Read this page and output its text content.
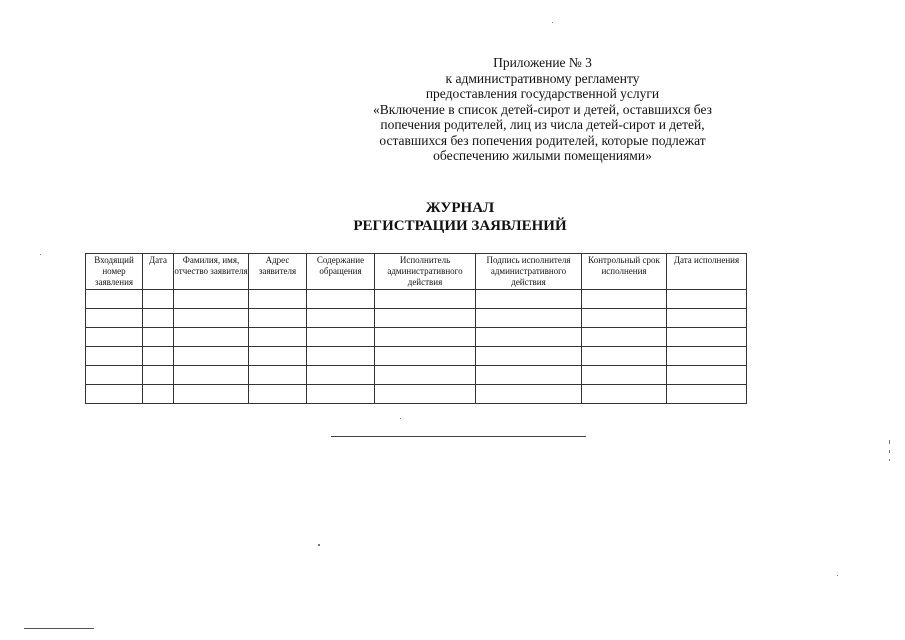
Приложение № 3
к административному регламенту
предоставления государственной услуги
«Включение в список детей-сирот и детей, оставшихся без
попечения родителей, лиц из числа детей-сирот и детей,
оставшихся без попечения родителей, которые подлежат
обеспечению жилыми помещениями»
ЖУРНАЛ
РЕГИСТРАЦИИ ЗАЯВЛЕНИЙ
Входящий номер заявления	Дата	Фамилия, имя, отчество заявителя	Адрес заявителя	Содержание обращения	Исполнитель административного действия	Подпись исполнителя административного действия	Контрольный срок исполнения	Дата исполнения
